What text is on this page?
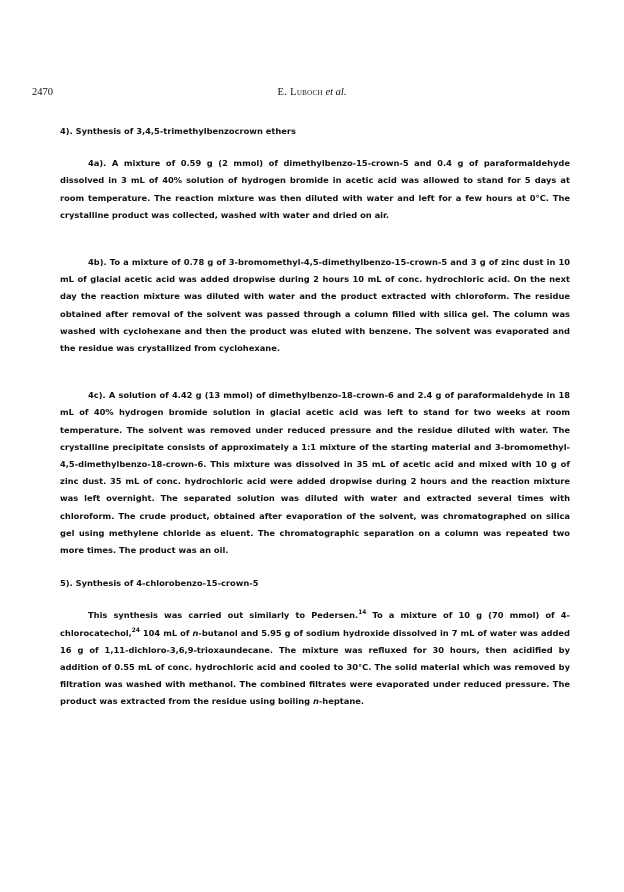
2470	E. Luboch et al.

4). Synthesis of 3,4,5-trimethylbenzocrown ethers

4a). A mixture of 0.59 g (2 mmol) of dimethylbenzo-15-crown-5 and 0.4 g of paraformaldehyde dissolved in 3 mL of 40% solution of hydrogen bromide in acetic acid was allowed to stand for 5 days at room temperature. The reaction mixture was then diluted with water and left for a few hours at 0°C. The crystalline product was collected, washed with water and dried on air.

4b). To a mixture of 0.78 g of 3-bromomethyl-4,5-dimethylbenzo-15-crown-5 and 3 g of zinc dust in 10 mL of glacial acetic acid was added dropwise during 2 hours 10 mL of conc. hydrochloric acid. On the next day the reaction mixture was diluted with water and the product extracted with chloroform. The residue obtained after removal of the solvent was passed through a column filled with silica gel. The column was washed with cyclohexane and then the product was eluted with benzene. The solvent was evaporated and the residue was crystallized from cyclohexane.

4c). A solution of 4.42 g (13 mmol) of dimethylbenzo-18-crown-6 and 2.4 g of paraformaldehyde in 18 mL of 40% hydrogen bromide solution in glacial acetic acid was left to stand for two weeks at room temperature. The solvent was removed under reduced pressure and the residue diluted with water. The crystalline precipitate consists of approximately a 1:1 mixture of the starting material and 3-bromomethyl-4,5-dimethylbenzo-18-crown-6. This mixture was dissolved in 35 mL of acetic acid and mixed with 10 g of zinc dust. 35 mL of conc. hydrochloric acid were added dropwise during 2 hours and the reaction mixture was left overnight. The separated solution was diluted with water and extracted several times with chloroform. The crude product, obtained after evaporation of the solvent, was chromatographed on silica gel using methylene chloride as eluent. The chromatographic separation on a column was repeated two more times. The product was an oil.

5). Synthesis of 4-chlorobenzo-15-crown-5

This synthesis was carried out similarly to Pedersen.$^{14}$ To a mixture of 10 g (70 mmol) of 4-chlorocatechol,$^{24}$ 104 mL of n-butanol and 5.95 g of sodium hydroxide dissolved in 7 mL of water was added 16 g of 1,11-dichloro-3,6,9-trioxaundecane. The mixture was refluxed for 30 hours, then acidified by addition of 0.55 mL of conc. hydrochloric acid and cooled to 30°C. The solid material which was removed by filtration was washed with methanol. The combined filtrates were evaporated under reduced pressure. The product was extracted from the residue using boiling n-heptane.
